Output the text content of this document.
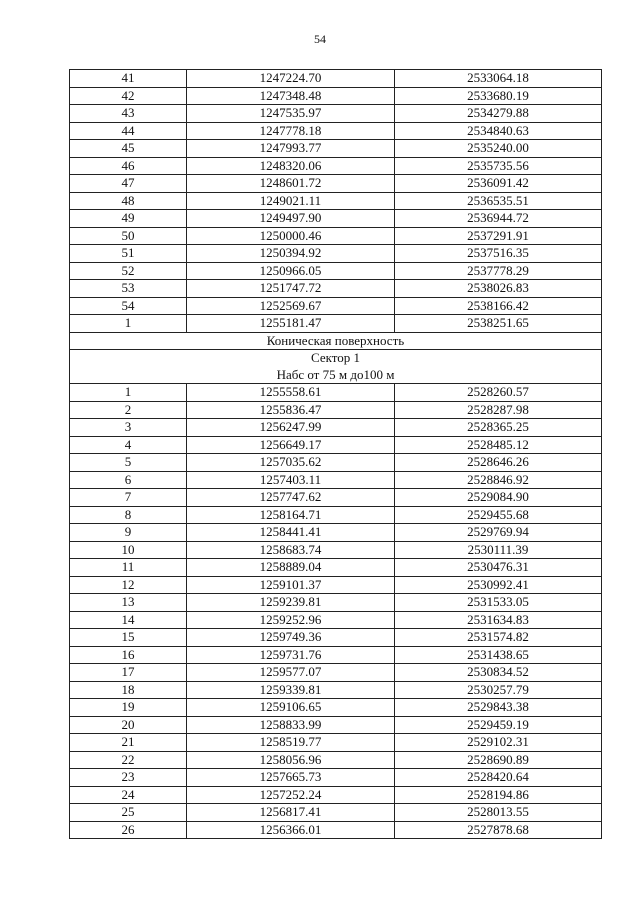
54
41	1247224.70	2533064.18
42	1247348.48	2533680.19
43	1247535.97	2534279.88
44	1247778.18	2534840.63
45	1247993.77	2535240.00
46	1248320.06	2535735.56
47	1248601.72	2536091.42
48	1249021.11	2536535.51
49	1249497.90	2536944.72
50	1250000.46	2537291.91
51	1250394.92	2537516.35
52	1250966.05	2537778.29
53	1251747.72	2538026.83
54	1252569.67	2538166.42
1	1255181.47	2538251.65
Коническая поверхность		
Сектор 1		
Набс от 75 м до100 м		
1	1255558.61	2528260.57
2	1255836.47	2528287.98
3	1256247.99	2528365.25
4	1256649.17	2528485.12
5	1257035.62	2528646.26
6	1257403.11	2528846.92
7	1257747.62	2529084.90
8	1258164.71	2529455.68
9	1258441.41	2529769.94
10	1258683.74	2530111.39
11	1258889.04	2530476.31
12	1259101.37	2530992.41
13	1259239.81	2531533.05
14	1259252.96	2531634.83
15	1259749.36	2531574.82
16	1259731.76	2531438.65
17	1259577.07	2530834.52
18	1259339.81	2530257.79
19	1259106.65	2529843.38
20	1258833.99	2529459.19
21	1258519.77	2529102.31
22	1258056.96	2528690.89
23	1257665.73	2528420.64
24	1257252.24	2528194.86
25	1256817.41	2528013.55
26	1256366.01	2527878.68
